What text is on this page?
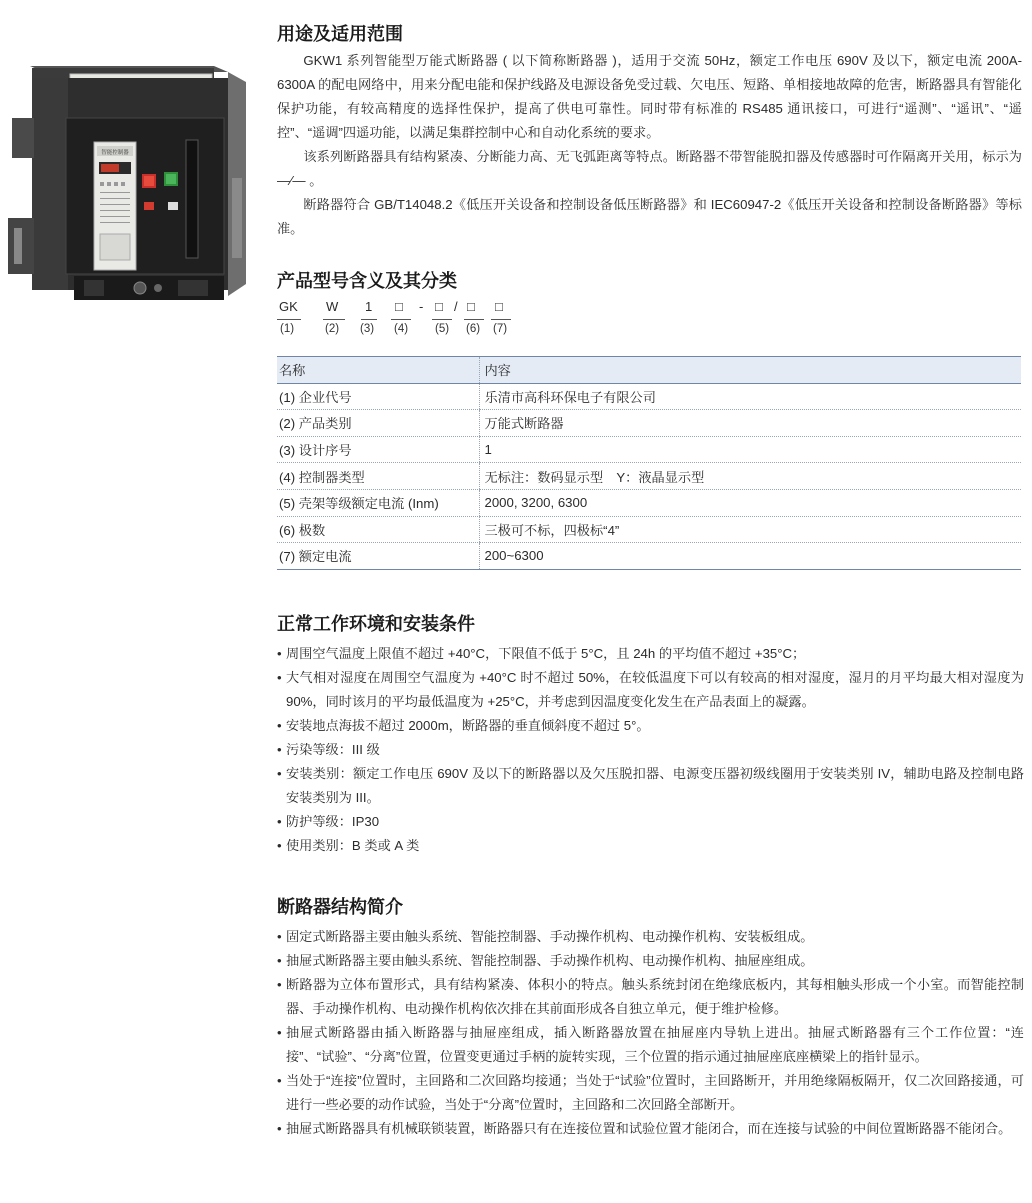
智能控制器
用途及适用范围

GKW1 系列智能型万能式断路器 ( 以下简称断路器 )，适用于交流 50Hz，额定工作电压 690V 及以下，额定电流 200A-6300A 的配电网络中，用来分配电能和保护线路及电源设备免受过载、欠电压、短路、单相接地故障的危害，断路器具有智能化保护功能，有较高精度的选择性保护，提高了供电可靠性。同时带有标准的 RS485 通讯接口，可进行“遥测”、“遥讯”、“遥控”、“遥调”四遥功能，以满足集群控制中心和自动化系统的要求。

该系列断路器具有结构紧凑、分断能力高、无飞弧距离等特点。断路器不带智能脱扣器及传感器时可作隔离开关用，标示为 —⁄— 。

断路器符合 GB/T14048.2《低压开关设备和控制设备低压断路器》和 IEC60947-2《低压开关设备和控制设备断路器》等标准。

产品型号含义及其分类
GK W 1 □ - □ / □ □
(1)	(2) (3) (4) (5) (6) (7)
名称	内容
(1) 企业代号	乐清市高科环保电子有限公司
(2) 产品类别	万能式断路器
(3) 设计序号	1
(4) 控制器类型	无标注：数码显示型　Y：液晶显示型
(5) 壳架等级额定电流 (Inm)	2000, 3200, 6300
(6) 极数	三极可不标，四极标“4”
(7) 额定电流	200~6300
正常工作环境和安装条件
• 周围空气温度上限值不超过 +40°C，下限值不低于 5°C，且 24h 的平均值不超过 +35°C；
• 大气相对湿度在周围空气温度为 +40°C 时不超过 50%，在较低温度下可以有较高的相对湿度，湿月的月平均最大相对湿度为 90%，同时该月的平均最低温度为 +25°C，并考虑到因温度变化发生在产品表面上的凝露。
• 安装地点海拔不超过 2000m，断路器的垂直倾斜度不超过 5°。
• 污染等级：III 级
• 安装类别：额定工作电压 690V 及以下的断路器以及欠压脱扣器、电源变压器初级线圈用于安装类别 IV，辅助电路及控制电路安装类别为 III。
• 防护等级：IP30
• 使用类别：B 类或 A 类
断路器结构简介
• 固定式断路器主要由触头系统、智能控制器、手动操作机构、电动操作机构、安装板组成。
• 抽屉式断路器主要由触头系统、智能控制器、手动操作机构、电动操作机构、抽屉座组成。
• 断路器为立体布置形式，具有结构紧凑、体积小的特点。触头系统封闭在绝缘底板内，其每相触头形成一个小室。而智能控制器、手动操作机构、电动操作机构依次排在其前面形成各自独立单元，便于维护检修。
• 抽屉式断路器由插入断路器与抽屉座组成，插入断路器放置在抽屉座内导轨上进出。抽屉式断路器有三个工作位置：“连接”、“试验”、“分离”位置，位置变更通过手柄的旋转实现，三个位置的指示通过抽屉座底座横梁上的指针显示。
• 当处于“连接”位置时，主回路和二次回路均接通；当处于“试验”位置时，主回路断开，并用绝缘隔板隔开，仅二次回路接通，可进行一些必要的动作试验，当处于“分离”位置时，主回路和二次回路全部断开。
• 抽屉式断路器具有机械联锁装置，断路器只有在连接位置和试验位置才能闭合，而在连接与试验的中间位置断路器不能闭合。
